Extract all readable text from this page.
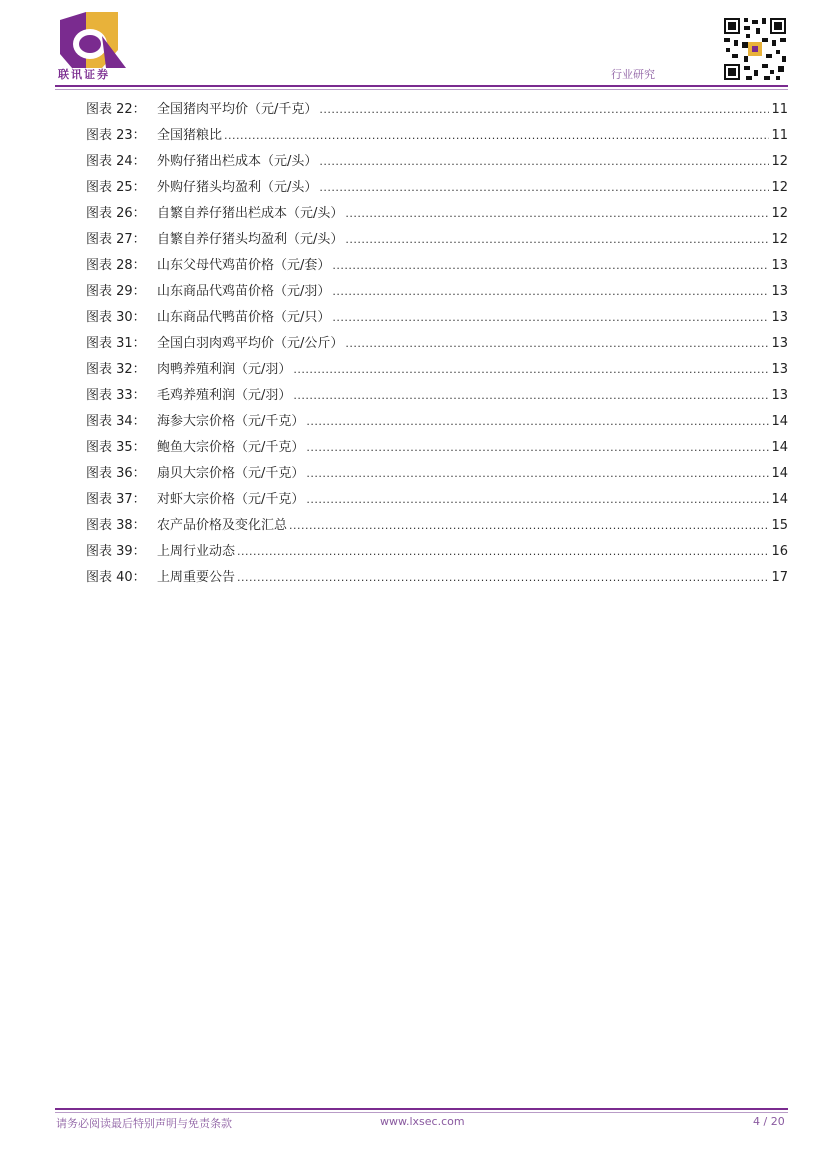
联讯证券	行业研究
图表 22： 全国猪肉平均价（元/千克） .....	11
图表 23： 全国猪粮比 .....	11
图表 24： 外购仔猪出栏成本（元/头） .....	12
图表 25： 外购仔猪头均盈利（元/头） .....	12
图表 26： 自繁自养仔猪出栏成本（元/头） .....	12
图表 27： 自繁自养仔猪头均盈利（元/头） .....	12
图表 28： 山东父母代鸡苗价格（元/套） .....	13
图表 29： 山东商品代鸡苗价格（元/羽） .....	13
图表 30： 山东商品代鸭苗价格（元/只） .....	13
图表 31： 全国白羽肉鸡平均价（元/公斤） .....	13
图表 32： 肉鸭养殖利润（元/羽） .....	13
图表 33： 毛鸡养殖利润（元/羽） .....	13
图表 34： 海参大宗价格（元/千克） .....	14
图表 35： 鲍鱼大宗价格（元/千克） .....	14
图表 36： 扇贝大宗价格（元/千克） .....	14
图表 37： 对虾大宗价格（元/千克） .....	14
图表 38： 农产品价格及变化汇总 .....	15
图表 39： 上周行业动态 .....	16
图表 40： 上周重要公告 .....	17
请务必阅读最后特别声明与免责条款	www.lxsec.com	4 / 20
